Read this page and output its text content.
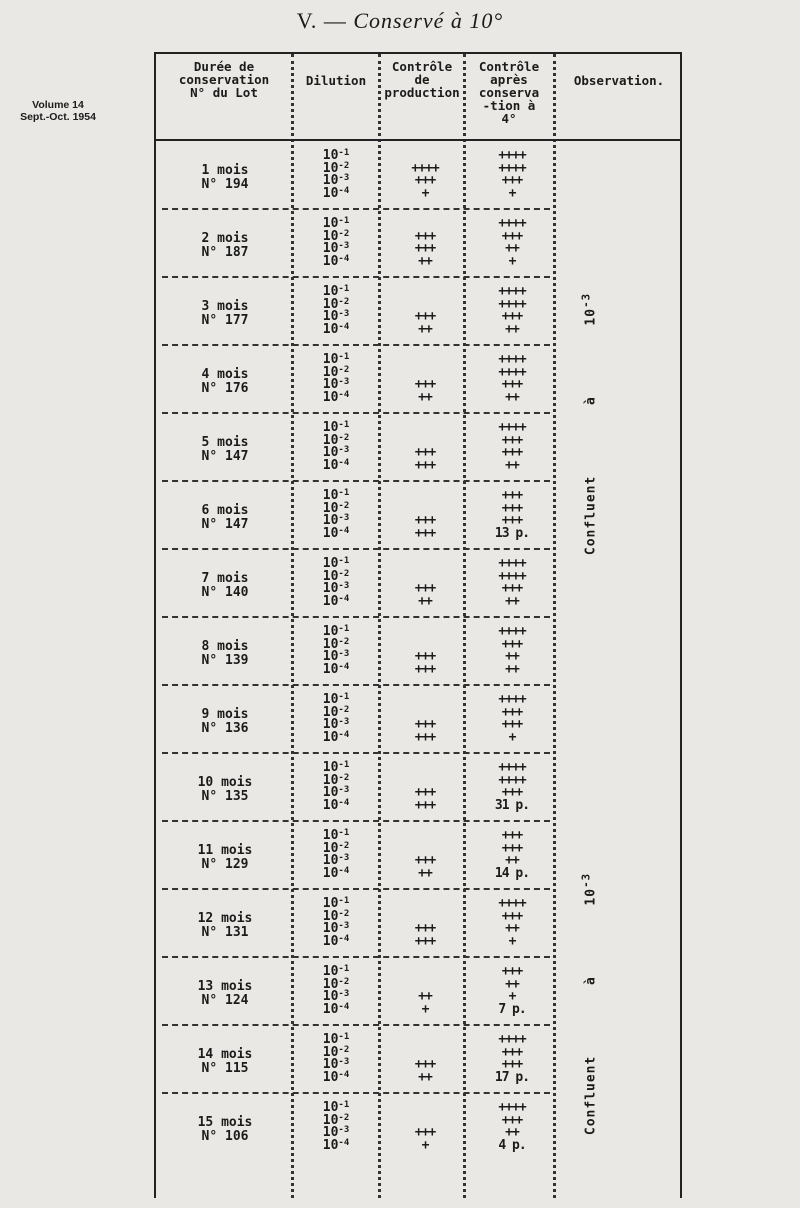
V. — Conservé à 10°
Volume 14
Sept.-Oct. 1954
Durée de
conservation
N° du Lot
Dilution
Contrôle
de
production
Contrôle
après
conserva
-tion à
4°
Observation.
1 mois
N° 194
$10^{-1}$
$10^{-2}$
$10^{-3}$
$10^{-4}$
++++
+++
+
++++
++++
+++
+
2 mois
N° 187
$10^{-1}$
$10^{-2}$
$10^{-3}$
$10^{-4}$
+++
+++
++
++++
+++
++
+
3 mois
N° 177
$10^{-1}$
$10^{-2}$
$10^{-3}$
$10^{-4}$
+++
++
++++
++++
+++
++
4 mois
N° 176
$10^{-1}$
$10^{-2}$
$10^{-3}$
$10^{-4}$
+++
++
++++
++++
+++
++
5 mois
N° 147
$10^{-1}$
$10^{-2}$
$10^{-3}$
$10^{-4}$
+++
+++
++++
+++
+++
++
6 mois
N° 147
$10^{-1}$
$10^{-2}$
$10^{-3}$
$10^{-4}$
+++
+++
+++
+++
+++
13 p.
7 mois
N° 140
$10^{-1}$
$10^{-2}$
$10^{-3}$
$10^{-4}$
+++
++
++++
++++
+++
++
8 mois
N° 139
$10^{-1}$
$10^{-2}$
$10^{-3}$
$10^{-4}$
+++
+++
++++
+++
++
++
9 mois
N° 136
$10^{-1}$
$10^{-2}$
$10^{-3}$
$10^{-4}$
+++
+++
++++
+++
+++
+
10 mois
N° 135
$10^{-1}$
$10^{-2}$
$10^{-3}$
$10^{-4}$
+++
+++
++++
++++
+++
31 p.
11 mois
N° 129
$10^{-1}$
$10^{-2}$
$10^{-3}$
$10^{-4}$
+++
++
+++
+++
++
14 p.
12 mois
N° 131
$10^{-1}$
$10^{-2}$
$10^{-3}$
$10^{-4}$
+++
+++
++++
+++
++
+
13 mois
N° 124
$10^{-1}$
$10^{-2}$
$10^{-3}$
$10^{-4}$
++
+
+++
++
+
7 p.
14 mois
N° 115
$10^{-1}$
$10^{-2}$
$10^{-3}$
$10^{-4}$
+++
++
++++
+++
+++
17 p.
15 mois
N° 106
$10^{-1}$
$10^{-2}$
$10^{-3}$
$10^{-4}$
+++
+
++++
+++
++
4 p.
Confluent        à        $10^{-3}$
Confluent        à        $10^{-3}$
